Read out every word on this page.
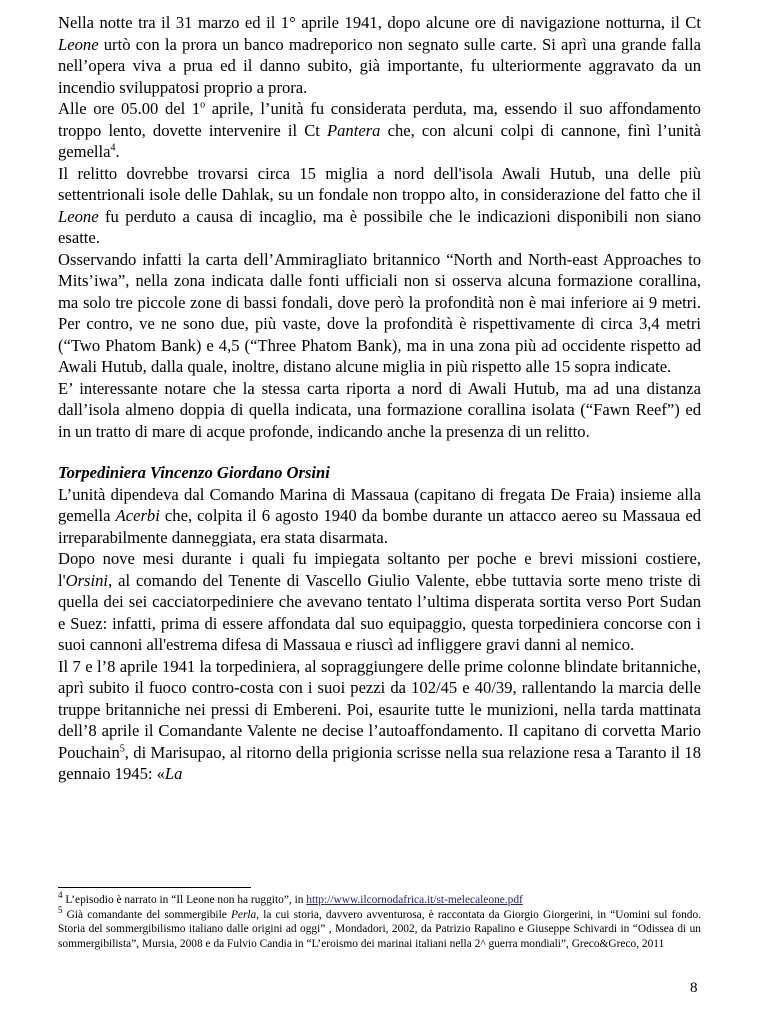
Nella notte tra il 31 marzo ed il 1° aprile 1941, dopo alcune ore di navigazione notturna, il Ct Leone urtò con la prora un banco madreporico non segnato sulle carte. Si aprì una grande falla nell’opera viva a prua ed il danno subito, già importante, fu ulteriormente aggravato da un incendio sviluppatosi proprio a prora.

Alle ore 05.00 del 1$^o$ aprile, l’unità fu considerata perduta, ma, essendo il suo affondamento troppo lento, dovette intervenire il Ct Pantera che, con alcuni colpi di cannone, finì l’unità gemella$^4$.

Il relitto dovrebbe trovarsi circa 15 miglia a nord dell'isola Awali Hutub, una delle più settentrionali isole delle Dahlak, su un fondale non troppo alto, in considerazione del fatto che il Leone fu perduto a causa di incaglio, ma è possibile che le indicazioni disponibili non siano esatte.

Osservando infatti la carta dell’Ammiragliato britannico “North and North-east Approaches to Mits’iwa”, nella zona indicata dalle fonti ufficiali non si osserva alcuna formazione corallina, ma solo tre piccole zone di bassi fondali, dove però la profondità non è mai inferiore ai 9 metri. Per contro, ve ne sono due, più vaste, dove la profondità è rispettivamente di circa 3,4 metri (“Two Phatom Bank) e 4,5 (“Three Phatom Bank), ma in una zona più ad occidente rispetto ad Awali Hutub, dalla quale, inoltre, distano alcune miglia in più rispetto alle 15 sopra indicate.

E’ interessante notare che la stessa carta riporta a nord di Awali Hutub, ma ad una distanza dall’isola almeno doppia di quella indicata, una formazione corallina isolata (“Fawn Reef”) ed in un tratto di mare di acque profonde, indicando anche la presenza di un relitto.

Torpediniera Vincenzo Giordano Orsini

L’unità dipendeva dal Comando Marina di Massaua (capitano di fregata De Fraia) insieme alla gemella Acerbi che, colpita il 6 agosto 1940 da bombe durante un attacco aereo su Massaua ed irreparabilmente danneggiata, era stata disarmata.

Dopo nove mesi durante i quali fu impiegata soltanto per poche e brevi missioni costiere, l'Orsini, al comando del Tenente di Vascello Giulio Valente, ebbe tuttavia sorte meno triste di quella dei sei cacciatorpediniere che avevano tentato l’ultima disperata sortita verso Port Sudan e Suez: infatti, prima di essere affondata dal suo equipaggio, questa torpediniera concorse con i suoi cannoni all'estrema difesa di Massaua e riuscì ad infliggere gravi danni al nemico.

Il 7 e l’8 aprile 1941 la torpediniera, al sopraggiungere delle prime colonne blindate britanniche, aprì subito il fuoco contro-costa con i suoi pezzi da 102/45 e 40/39, rallentando la marcia delle truppe britanniche nei pressi di Embereni. Poi, esaurite tutte le munizioni, nella tarda mattinata dell’8 aprile il Comandante Valente ne decise l’autoaffondamento. Il capitano di corvetta Mario Pouchain$^5$, di Marisupao, al ritorno della prigionia scrisse nella sua relazione resa a Taranto il 18 gennaio 1945: «La

$^4$ L’episodio è narrato in “Il Leone non ha ruggito”, in http://www.ilcornodafrica.it/st-melecaleone.pdf

$^5$ Già comandante del sommergibile Perla, la cui storia, davvero avventurosa, è raccontata da Giorgio Giorgerini, in “Uomini sul fondo. Storia del sommergibilismo italiano dalle origini ad oggi” , Mondadori, 2002, da Patrizio Rapalino e Giuseppe Schivardi in “Odissea di un sommergibilista”, Mursia, 2008 e da Fulvio Candia in “L’eroismo dei marinai italiani nella 2^ guerra mondiali”, Greco&Greco, 2011

8
